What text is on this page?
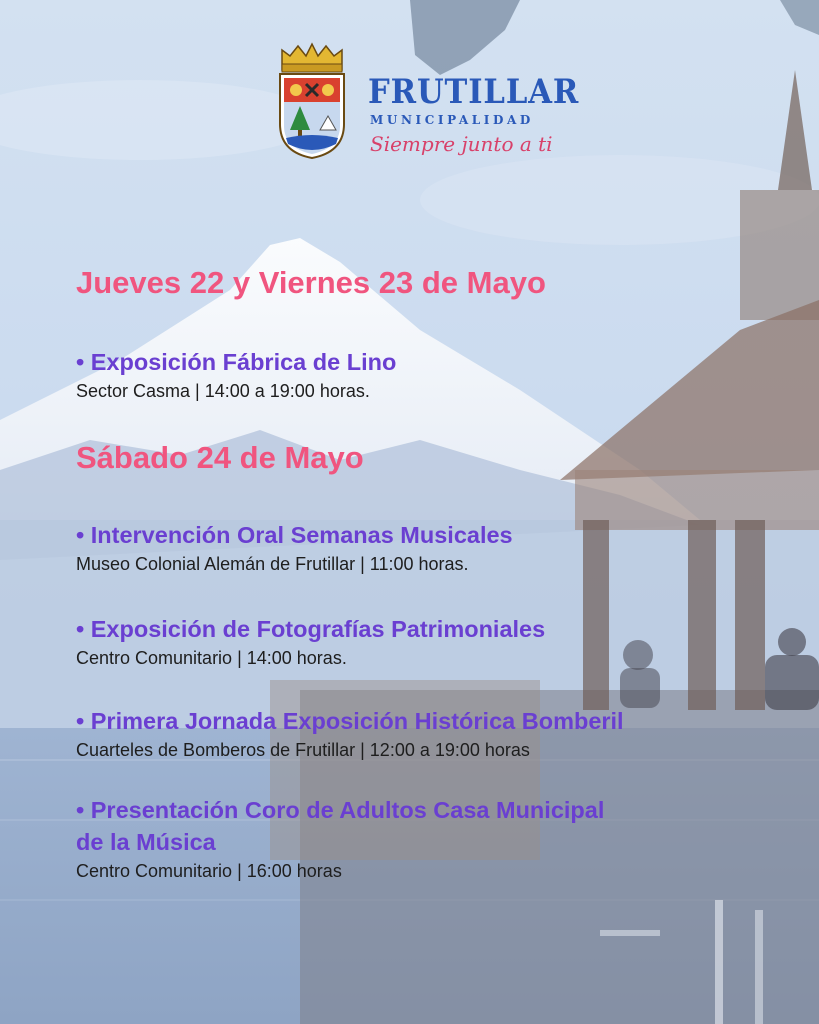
FRUTILLAR
MUNICIPALIDAD
Siempre junto a ti
Jueves 22 y Viernes 23 de Mayo
• Exposición Fábrica de Lino
Sector Casma | 14:00 a 19:00 horas.
Sábado 24 de Mayo
• Intervención Oral Semanas Musicales
Museo Colonial Alemán de Frutillar | 11:00 horas.
• Exposición de Fotografías Patrimoniales
Centro Comunitario | 14:00 horas.
• Primera Jornada Exposición Histórica Bomberil
Cuarteles de Bomberos de Frutillar | 12:00 a 19:00 horas
• Presentación Coro de Adultos Casa Municipal
de la Música
Centro Comunitario | 16:00 horas
